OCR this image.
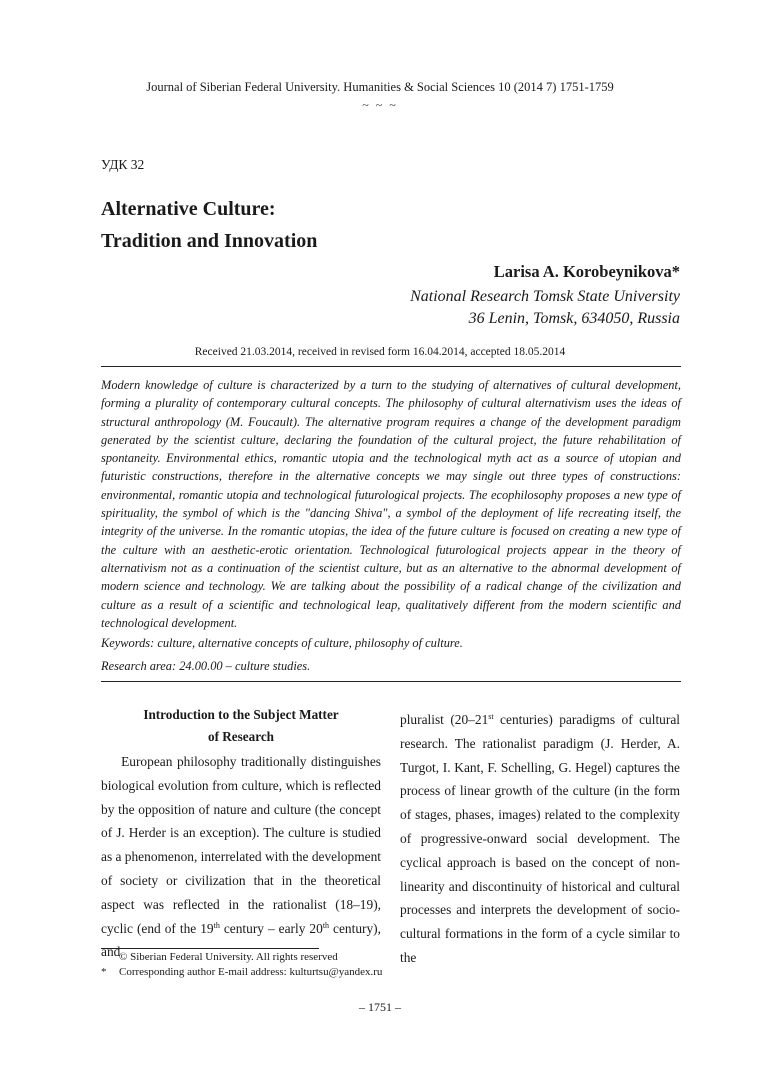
Journal of Siberian Federal University. Humanities & Social Sciences 10 (2014 7) 1751-1759
~ ~ ~
УДК 32
Alternative Culture:
Tradition and Innovation
Larisa A. Korobeynikova*
National Research Tomsk State University
36 Lenin, Tomsk, 634050, Russia
Received 21.03.2014, received in revised form 16.04.2014, accepted 18.05.2014

Modern knowledge of culture is characterized by a turn to the studying of alternatives of cultural development, forming a plurality of contemporary cultural concepts. The philosophy of cultural alternativism uses the ideas of structural anthropology (M. Foucault). The alternative program requires a change of the development paradigm generated by the scientist culture, declaring the foundation of the cultural project, the future rehabilitation of spontaneity. Environmental ethics, romantic utopia and the technological myth act as a source of utopian and futuristic constructions, therefore in the alternative concepts we may single out three types of constructions: environmental, romantic utopia and technological futurological projects. The ecophilosophy proposes a new type of spirituality, the symbol of which is the "dancing Shiva", a symbol of the deployment of life recreating itself, the integrity of the universe. In the romantic utopias, the idea of the future culture is focused on creating a new type of the culture with an aesthetic-erotic orientation. Technological futurological projects appear in the theory of alternativism not as a continuation of the scientist culture, but as an alternative to the abnormal development of modern science and technology. We are talking about the possibility of a radical change of the civilization and culture as a result of a scientific and technological leap, qualitatively different from the modern scientific and technological development.

Keywords: culture, alternative concepts of culture, philosophy of culture.
Research area: 24.00.00 – culture studies.
Introduction to the Subject Matter
of Research

European philosophy traditionally distinguishes biological evolution from culture, which is reflected by the opposition of nature and culture (the concept of J. Herder is an exception). The culture is studied as a phenomenon, interrelated with the development of society or civilization that in the theoretical aspect was reflected in the rationalist (18–19), cyclic (end of the 19th century – early 20th century), and

pluralist (20–21st centuries) paradigms of cultural research. The rationalist paradigm (J. Herder, A. Turgot, I. Kant, F. Schelling, G. Hegel) captures the process of linear growth of the culture (in the form of stages, phases, images) related to the complexity of progressive-onward social development. The cyclical approach is based on the concept of non-linearity and discontinuity of historical and cultural processes and interprets the development of socio-cultural formations in the form of a cycle similar to the

© Siberian Federal University. All rights reserved
* Corresponding author E-mail address: kulturtsu@yandex.ru
– 1751 –
